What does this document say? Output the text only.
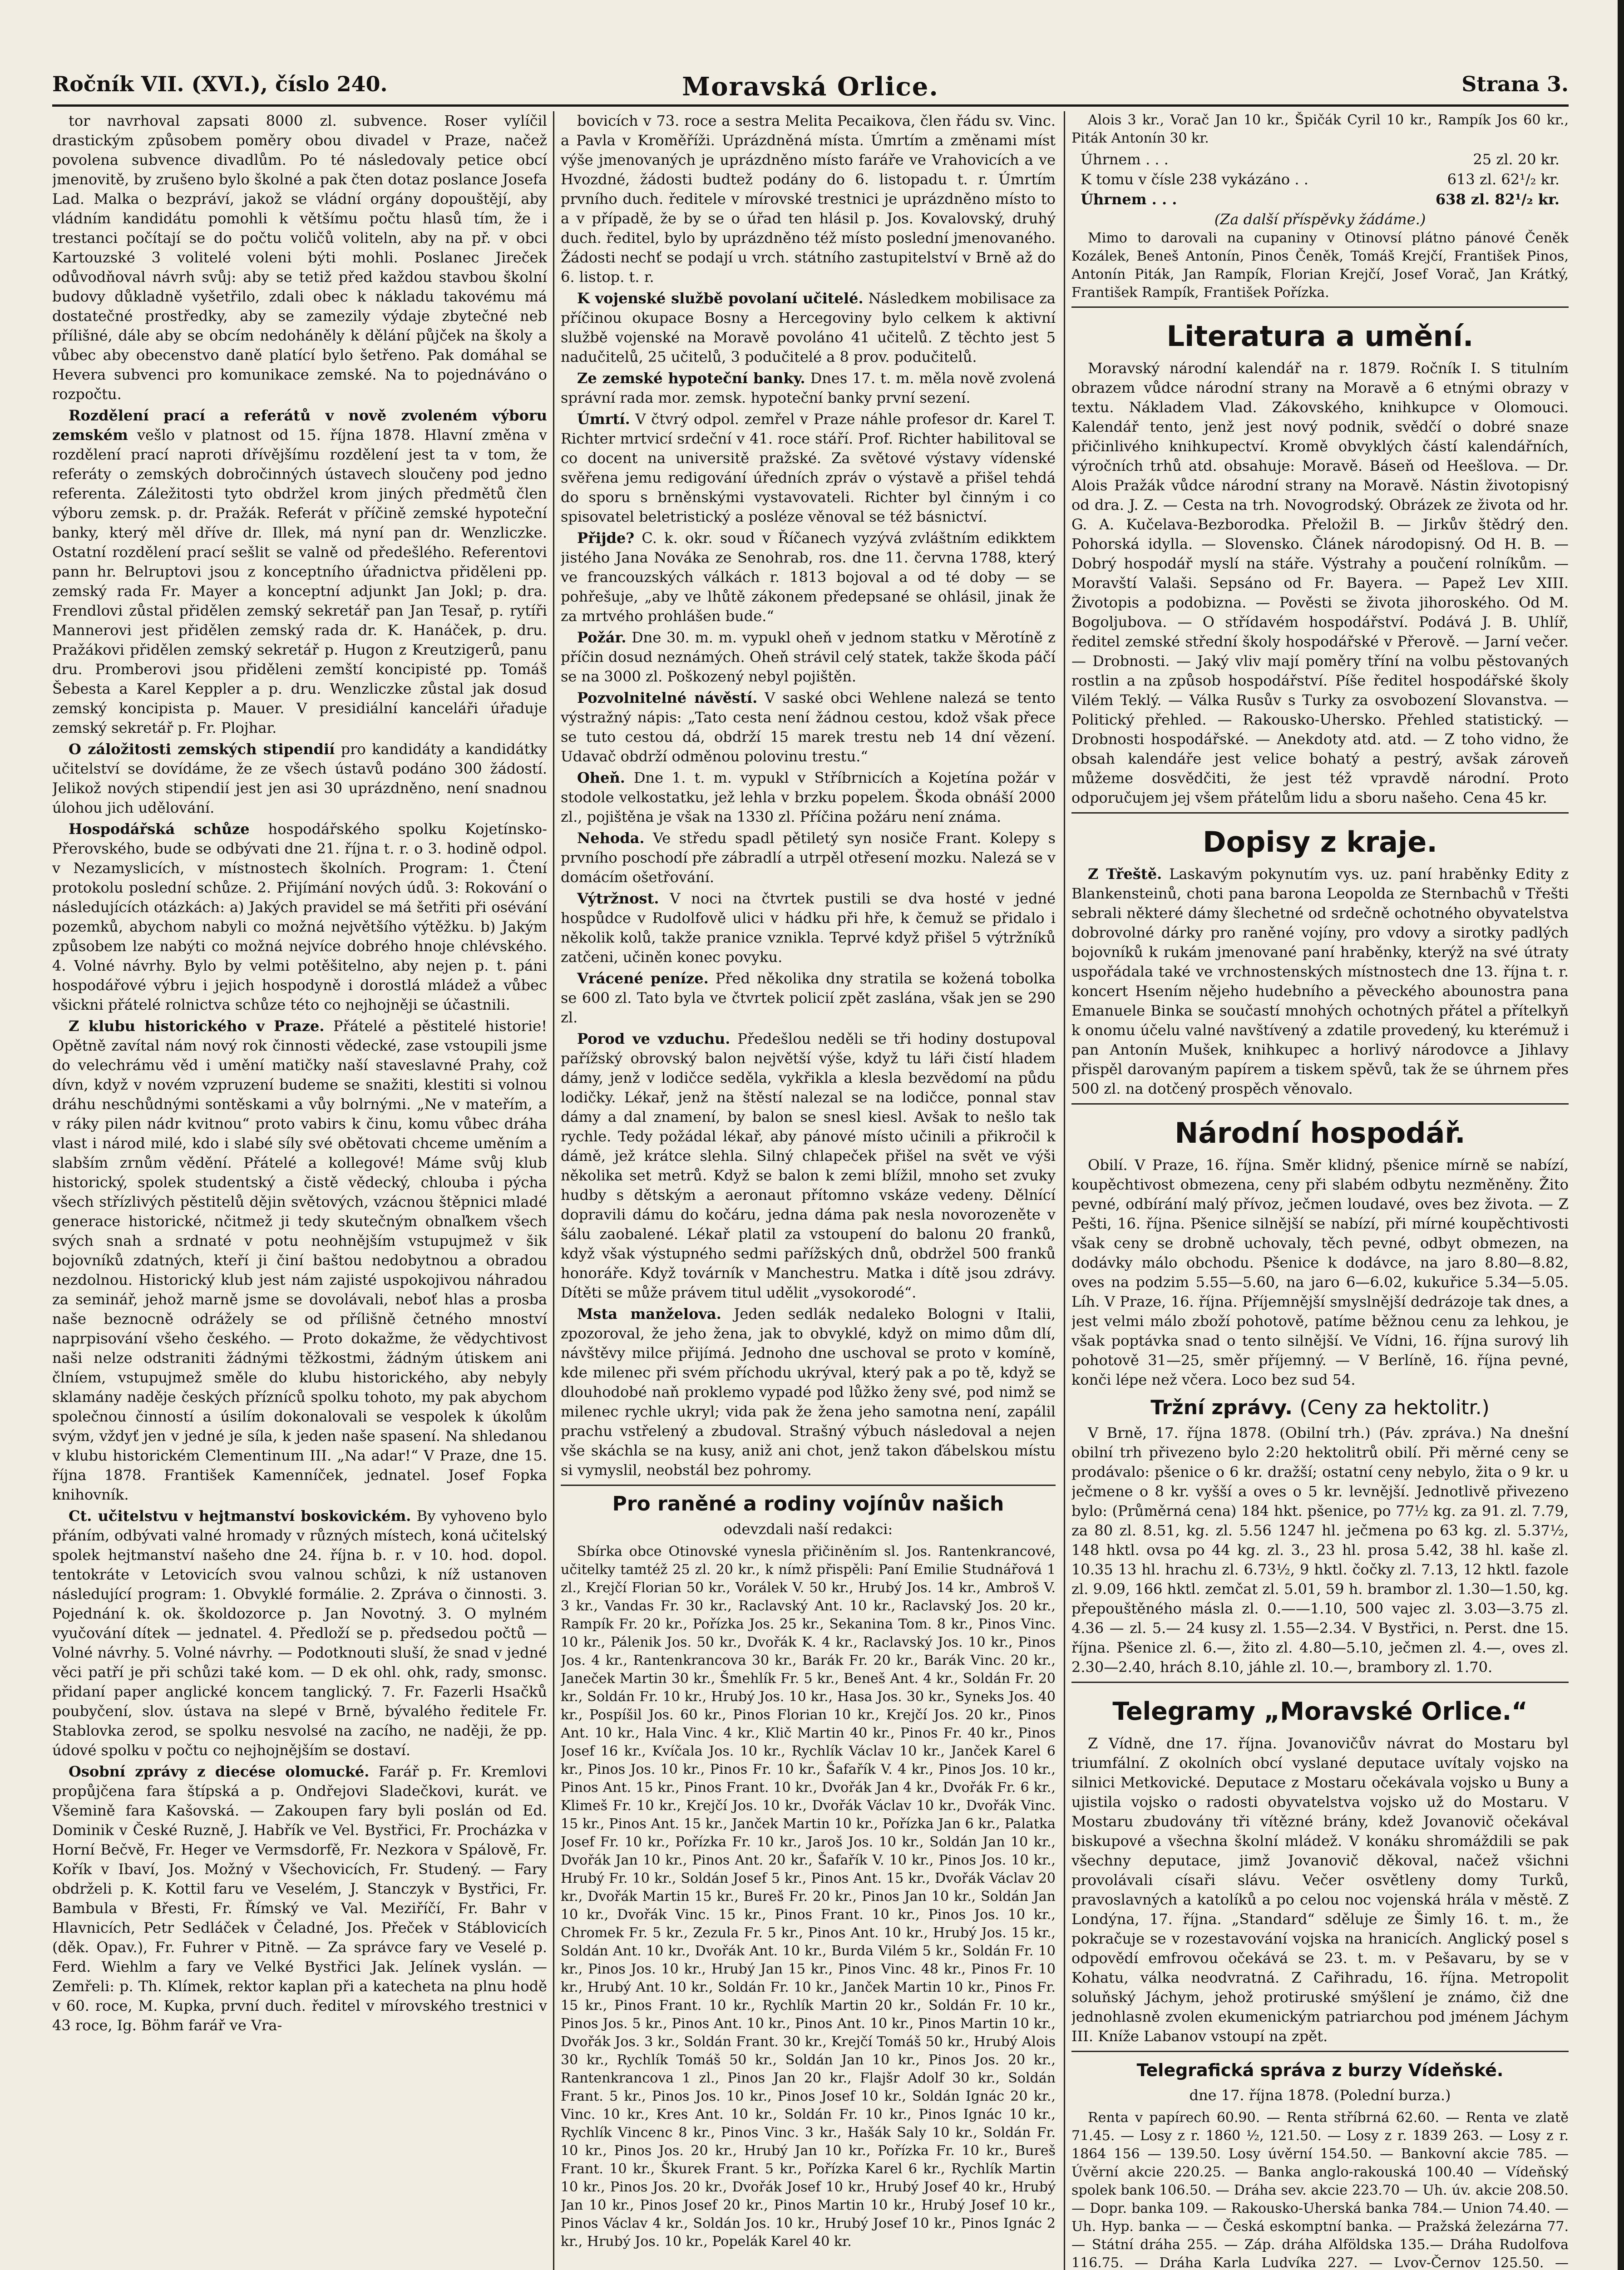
Ročník VII. (XVI.), číslo 240.	Moravská Orlice.	Strana 3.

tor navrhoval zapsati 8000 zl. subvence. Roser vylíčil drastickým způsobem poměry obou divadel v Praze, načež povolena subvence divadlům. Po té následovaly petice obcí jmenovitě, by zrušeno bylo školné a pak čten dotaz poslance Josefa Lad. Malka o bezpráví, jakož se vládní orgány dopouštějí, aby vládním kandidátu pomohli k většímu počtu hlasů tím, že i trestanci počítají se do počtu voličů voliteln, aby na př. v obci Kartouzské 3 volitelé voleni býti mohli. Poslanec Jireček odůvodňoval návrh svůj: aby se tetiž před každou stavbou školní budovy důkladně vyšetřilo, zdali obec k nákladu takovému má dostatečné prostředky, aby se zamezily výdaje zbytečné neb přílišné, dále aby se obcím nedoháněly k dělání půjček na školy a vůbec aby obecenstvo daně platící bylo šetřeno. Pak domáhal se Hevera subvenci pro komunikace zemské. Na to pojednáváno o rozpočtu.

Rozdělení prací a referátů v nově zvoleném výboru zemském vešlo v platnost od 15. října 1878. Hlavní změna v rozdělení prací naproti dřívějšímu rozdělení jest ta v tom, že referáty o zemských dobročinných ústavech sloučeny pod jedno referenta. Záležitosti tyto obdržel krom jiných předmětů člen výboru zemsk. p. dr. Pražák. Referát v příčině zemské hypoteční banky, který měl dříve dr. Illek, má nyní pan dr. Wenzliczke. Ostatní rozdělení prací sešlit se valně od předešlého. Referentovi pann hr. Belruptovi jsou z konceptního úřadnictva přiděleni pp. zemský rada Fr. Mayer a konceptní adjunkt Jan Jokl; p. dra. Frendlovi zůstal přidělen zemský sekretář pan Jan Tesař, p. rytíři Mannerovi jest přidělen zemský rada dr. K. Hanáček, p. dru. Pražákovi přidělen zemský sekretář p. Hugon z Kreutzigerů, panu dru. Promberovi jsou přiděleni zemští koncipisté pp. Tomáš Šebesta a Karel Keppler a p. dru. Wenzliczke zůstal jak dosud zemský koncipista p. Mauer. V presidiální kanceláři úřaduje zemský sekretář p. Fr. Plojhar.

O záložitosti zemských stipendií pro kandidáty a kandidátky učitelství se dovídáme, že ze všech ústavů podáno 300 žádostí. Jelikož nových stipendií jest jen asi 30 uprázdněno, není snadnou úlohou jich udělování.

Hospodářská schůze hospodářského spolku Kojetínsko-Přerovského, bude se odbývati dne 21. října t. r. o 3. hodině odpol. v Nezamyslicích, v místnostech školních. Program: 1. Čtení protokolu poslední schůze. 2. Přijímání nových údů. 3: Rokování o následujících otázkách: a) Jakých pravidel se má šetřiti při osévání pozemků, abychom nabyli co možná největšího výtěžku. b) Jakým způsobem lze nabýti co možná nejvíce dobrého hnoje chlévského. 4. Volné návrhy. Bylo by velmi potěšitelno, aby nejen p. t. páni hospodářové výbru i jejich hospodyně i dorostlá mládež a vůbec všickni přátelé rolnictva schůze této co nejhojněji se účastnili.

Z klubu historického v Praze. Přátelé a pěstitelé historie! Opětně zavítal nám nový rok činnosti vědecké, zase vstoupili jsme do velechrámu věd i umění matičky naší staveslavné Prahy, což dívn, když v novém vzpruzení budeme se snažiti, klestiti si volnou dráhu neschůdnými sontěskami a vůy bolrnými. „Ne v mateřím, a v ráky pilen nádr kvitnou“ proto vabirs k činu, komu vůbec dráha vlast i národ milé, kdo i slabé síly své obětovati chceme uměním a slabším zrnům vědění. Přátelé a kollegové! Máme svůj klub historický, spolek studentský a čistě vědecký, chlouba i pýcha všech střízlivých pěstitelů dějin světových, vzácnou štěpnici mladé generace historické, nčitmež ji tedy skutečným obnaľkem všech svých snah a srdnaté v potu neohnějším vstupujmež v šik bojovníků zdatných, kteří ji činí baštou nedobytnou a obradou nezdolnou. Historický klub jest nám zajisté uspokojivou náhradou za seminář, jehož marně jsme se dovolávali, neboť hlas a prosba naše beznocně odrážely se od přílišně četného mnoství naprpisování všeho českého. — Proto dokažme, že vědychtivost naši nelze odstraniti žádnými těžkostmi, žádným útiskem ani člníem, vstupujmež směle do klubu historického, aby nebyly sklamány naděje českých přízníců spolku tohoto, my pak abychom společnou činností a úsilím dokonalovali se vespolek k úkolům svým, vždyť jen v jedné je síla, k jeden naše spasení. Na shledanou v klubu historickém Clementinum III. „Na adar!“ V Praze, dne 15. října 1878. František Kamenníček, jednatel. Josef Fopka knihovník.

Ct. učitelstvu v hejtmanství boskovickém. By vyhoveno bylo přáním, odbývati valné hromady v různých místech, koná učitelský spolek hejtmanství našeho dne 24. října b. r. v 10. hod. dopol. tentokráte v Letovicích svou valnou schůzi, k níž ustanoven následující program: 1. Obvyklé formálie. 2. Zpráva o činnosti. 3. Pojednání k. ok. školdozorce p. Jan Novotný. 3. O mylném vyučování dítek — jednatel. 4. Předloží se p. předsedou počtů — Volné návrhy. 5. Volné návrhy. — Podotknouti sluší, že snad v jedné věci patří je při schůzi také kom. — D ek ohl. ohk, rady, smonsc. přidaní paper anglické koncem tanglický. 7. Fr. Fazerli Hsačků poubyčení, slov. ústava na slepé v Brně, bývalého ředitele Fr. Stablovka zerod, se spolku nesvolsé na zacího, ne naději, že pp. údové spolku v počtu co nejhojnějším se dostaví.

Osobní zprávy z diecése olomucké. Farář p. Fr. Kremlovi propůjčena fara štípská a p. Ondřejovi Sladečkovi, kurát. ve Všemině fara Kašovská. — Zakoupen fary byli poslán od Ed. Dominik v České Ruzně, J. Habřík ve Vel. Bystřici, Fr. Procházka v Horní Bečvě, Fr. Heger ve Vermsdorfě, Fr. Nezkora v Spálově, Fr. Kořík v Ibaví, Jos. Možný v Všechovicích, Fr. Studený. — Fary obdrželi p. K. Kottil faru ve Veselém, J. Stanczyk v Bystřici, Fr. Bambula v Břesti, Fr. Římský ve Val. Meziříčí, Fr. Bahr v Hlavnicích, Petr Sedláček v Čeladné, Jos. Přeček v Stáblovicích (děk. Opav.), Fr. Fuhrer v Pitně. — Za správce fary ve Veselé p. Ferd. Wiehlm a fary ve Velké Bystřici Jak. Jelínek vyslán. — Zemřeli: p. Th. Klímek, rektor kaplan při a katecheta na plnu hodě v 60. roce, M. Kupka, první duch. ředitel v mírovského trestnici v 43 roce, Ig. Böhm farář ve Vra-

bovicích v 73. roce a sestra Melita Pecaikova, člen řádu sv. Vinc. a Pavla v Kroměříži. Uprázdněná místa. Úmrtím a změnami míst výše jmenovaných je uprázdněno místo faráře ve Vrahovicích a ve Hvozdné, žádosti budtež podány do 6. listopadu t. r. Úmrtím prvního duch. ředitele v mírovské trestnici je uprázdněno místo to a v případě, že by se o úřad ten hlásil p. Jos. Kovalovský, druhý duch. ředitel, bylo by uprázdněno též místo poslední jmenovaného. Žádosti nechť se podají u vrch. státního zastupitelství v Brně až do 6. listop. t. r.

K vojenské službě povolaní učitelé. Následkem mobilisace za příčinou okupace Bosny a Hercegoviny bylo celkem k aktivní službě vojenské na Moravě povoláno 41 učitelů. Z těchto jest 5 nadučitelů, 25 učitelů, 3 podučitelé a 8 prov. podučitelů.

Ze zemské hypoteční banky. Dnes 17. t. m. měla nově zvolená správní rada mor. zemsk. hypoteční banky první sezení.

Úmrtí. V čtvrý odpol. zemřel v Praze náhle profesor dr. Karel T. Richter mrtvicí srdeční v 41. roce stáří. Prof. Richter habilitoval se co docent na universitě pražské. Za světové výstavy vídenské svěřena jemu redigování úředních zpráv o výstavě a přišel tehdá do sporu s brněnskými vystavovateli. Richter byl činným i co spisovatel beletristický a posléze věnoval se též básnictví.

Přijde? C. k. okr. soud v Říčanech vyzývá zvláštním edikktem jistého Jana Nováka ze Senohrab, ros. dne 11. června 1788, který ve francouzských válkách r. 1813 bojoval a od té doby — se pohřešuje, „aby ve lhůtě zákonem předepsané se ohlásil, jinak že za mrtvého prohlášen bude.“

Požár. Dne 30. m. m. vypukl oheň v jednom statku v Měrotíně z příčin dosud neznámých. Oheň strávil celý statek, takže škoda páčí se na 3000 zl. Poškozený nebyl pojištěn.

Pozvolnitelné návěstí. V saské obci Wehlene nalezá se tento výstražný nápis: „Tato cesta není žádnou cestou, kdož však přece se tuto cestou dá, obdrží 15 marek trestu neb 14 dní vězení. Udavač obdrží odměnou polovinu trestu.“

Oheň. Dne 1. t. m. vypukl v Stříbrnicích a Kojetína požár v stodole velkostatku, jež lehla v brzku popelem. Škoda obnáší 2000 zl., pojištěna je však na 1330 zl. Příčina požáru není známa.

Nehoda. Ve středu spadl pětiletý syn nosiče Frant. Kolepy s prvního poschodí pře zábradlí a utrpěl otřesení mozku. Nalezá se v domácím ošetřování.

Výtržnost. V noci na čtvrtek pustili se dva hosté v jedné hospůdce v Rudolfově ulici v hádku při hře, k čemuž se přidalo i několik kolů, takže pranice vznikla. Teprvé když přišel 5 výtržníků zatčeni, učiněn konec povyku.

Vrácené peníze. Před několika dny stratila se kožená tobolka se 600 zl. Tato byla ve čtvrtek policií zpět zaslána, však jen se 290 zl.

Porod ve vzduchu. Předešlou neděli se tři hodiny dostupoval pařížský obrovský balon největší výše, když tu láři čistí hladem dámy, jenž v lodičce seděla, vykřikla a klesla bezvědomí na půdu lodičky. Lékař, jenž na štěstí nalezal se na lodičce, ponnal stav dámy a dal znamení, by balon se snesl kiesl. Avšak to nešlo tak rychle. Tedy požádal lékař, aby pánové místo učinili a přikročil k dámě, jež krátce slehla. Silný chlapeček přišel na svět ve výši několika set metrů. Když se balon k zemi blížil, mnoho set zvuky hudby s dětským a aeronaut přítomno vskáze vedeny. Dělnící dopravili dámu do kočáru, jedna dáma pak nesla novorozeněte v šálu zaobalené. Lékař platil za vstoupení do balonu 20 franků, když však výstupného sedmi pařížských dnů, obdržel 500 franků honoráře. Když továrník v Manchestru. Matka i dítě jsou zdrávy. Dítěti se může právem titul udělit „vysokorodé“.

Msta manželova. Jeden sedlák nedaleko Bologni v Italii, zpozoroval, že jeho žena, jak to obvyklé, když on mimo dům dlí, návštěvy milce přijímá. Jednoho dne uschoval se proto v komíně, kde milenec při svém příchodu ukrýval, který pak a po tě, když se dlouhodobé naň proklemo vypadé pod lůžko ženy své, pod nimž se milenec rychle ukryl; vida pak že žena jeho samotna není, zapálil prachu vstřelený a zbudoval. Strašný výbuch následoval a nejen vše skáchla se na kusy, aniž ani chot, jenž takon ďábelskou místu si vymyslil, neobstál bez pohromy.

Pro raněné a rodiny vojínův našich
odevzdali naší redakci:

Sbírka obce Otinovské vynesla přičiněním sl. Jos. Rantenkrancové, učitelky tamtéž 25 zl. 20 kr., k nímž přispěli: Paní Emilie Studnářová 1 zl., Krejčí Florian 50 kr., Vorálek V. 50 kr., Hrubý Jos. 14 kr., Ambroš V. 3 kr., Vandas Fr. 30 kr., Raclavský Ant. 10 kr., Raclavský Jos. 20 kr., Rampík Fr. 20 kr., Pořízka Jos. 25 kr., Sekanina Tom. 8 kr., Pinos Vinc. 10 kr., Pálenik Jos. 50 kr., Dvořák K. 4 kr., Raclavský Jos. 10 kr., Pinos Jos. 4 kr., Rantenkrancova 30 kr., Barák Fr. 20 kr., Barák Vinc. 20 kr., Janeček Martin 30 kr., Šmehlík Fr. 5 kr., Beneš Ant. 4 kr., Soldán Fr. 20 kr., Soldán Fr. 10 kr., Hrubý Jos. 10 kr., Hasa Jos. 30 kr., Syneks Jos. 40 kr., Pospíšil Jos. 60 kr., Pinos Florian 10 kr., Krejčí Jos. 20 kr., Pinos Ant. 10 kr., Hala Vinc. 4 kr., Klič Martin 40 kr., Pinos Fr. 40 kr., Pinos Josef 16 kr., Kvíčala Jos. 10 kr., Rychlík Václav 10 kr., Janček Karel 6 kr., Pinos Jos. 10 kr., Pinos Fr. 10 kr., Šafařík V. 4 kr., Pinos Jos. 10 kr., Pinos Ant. 15 kr., Pinos Frant. 10 kr., Dvořák Jan 4 kr., Dvořák Fr. 6 kr., Klimeš Fr. 10 kr., Krejčí Jos. 10 kr., Dvořák Václav 10 kr., Dvořák Vinc. 15 kr., Pinos Ant. 15 kr., Janček Martin 10 kr., Pořízka Jan 6 kr., Palatka Josef Fr. 10 kr., Pořízka Fr. 10 kr., Jaroš Jos. 10 kr., Soldán Jan 10 kr., Dvořák Jan 10 kr., Pinos Ant. 20 kr., Šafařík V. 10 kr., Pinos Jos. 10 kr., Hrubý Fr. 10 kr., Soldán Josef 5 kr., Pinos Ant. 15 kr., Dvořák Václav 20 kr., Dvořák Martin 15 kr., Bureš Fr. 20 kr., Pinos Jan 10 kr., Soldán Jan 10 kr., Dvořák Vinc. 15 kr., Pinos Frant. 10 kr., Pinos Jos. 10 kr., Chromek Fr. 5 kr., Zezula Fr. 5 kr., Pinos Ant. 10 kr., Hrubý Jos. 15 kr., Soldán Ant. 10 kr., Dvořák Ant. 10 kr., Burda Vilém 5 kr., Soldán Fr. 10 kr., Pinos Jos. 10 kr., Hrubý Jan 15 kr., Pinos Vinc. 48 kr., Pinos Fr. 10 kr., Hrubý Ant. 10 kr., Soldán Fr. 10 kr., Janček Martin 10 kr., Pinos Fr. 15 kr., Pinos Frant. 10 kr., Rychlík Martin 20 kr., Soldán Fr. 10 kr., Pinos Jos. 5 kr., Pinos Ant. 10 kr., Pinos Ant. 10 kr., Pinos Martin 10 kr., Dvořák Jos. 3 kr., Soldán Frant. 30 kr., Krejčí Tomáš 50 kr., Hrubý Alois 30 kr., Rychlík Tomáš 50 kr., Soldán Jan 10 kr., Pinos Jos. 20 kr., Rantenkrancova 1 zl., Pinos Jan 20 kr., Flajšr Adolf 30 kr., Soldán Frant. 5 kr., Pinos Jos. 10 kr., Pinos Josef 10 kr., Soldán Ignác 20 kr., Vinc. 10 kr., Kres Ant. 10 kr., Soldán Fr. 10 kr., Pinos Ignác 10 kr., Rychlík Vincenc 8 kr., Pinos Vinc. 3 kr., Hašák Saly 10 kr., Soldán Fr. 10 kr., Pinos Jos. 20 kr., Hrubý Jan 10 kr., Pořízka Fr. 10 kr., Bureš Frant. 10 kr., Škurek Frant. 5 kr., Pořízka Karel 6 kr., Rychlík Martin 10 kr., Pinos Jos. 20 kr., Dvořák Josef 10 kr., Hrubý Josef 40 kr., Hrubý Jan 10 kr., Pinos Josef 20 kr., Pinos Martin 10 kr., Hrubý Josef 10 kr., Pinos Václav 4 kr., Soldán Jos. 10 kr., Hrubý Josef 10 kr., Pinos Ignác 2 kr., Hrubý Jos. 10 kr., Popelák Karel 40 kr.

Alois 3 kr., Vorač Jan 10 kr., Špičák Cyril 10 kr., Rampík Jos 60 kr., Piták Antonín 30 kr.

Úhrnem . . .	25 zl. 20 kr.
K tomu v čísle 238 vykázáno . .	613 zl. 62¹/₂ kr.
Úhrnem . . .	638 zl. 82¹/₂ kr.
(Za další příspěvky žádáme.)

Mimo to darovali na cupaniny v Otinovsí plátno pánové Čeněk Kozálek, Beneš Antonín, Pinos Čeněk, Tomáš Krejčí, František Pinos, Antonín Piták, Jan Rampík, Florian Krejčí, Josef Vorač, Jan Krátký, František Rampík, František Pořízka.

Literatura a umění.

Moravský národní kalendář na r. 1879. Ročník I. S titulním obrazem vůdce národní strany na Moravě a 6 etnými obrazy v textu. Nákladem Vlad. Zákovského, knihkupce v Olomouci. Kalendář tento, jenž jest nový podnik, svědčí o dobré snaze přičinlivého knihkupectví. Kromě obvyklých částí kalendářních, výročních trhů atd. obsahuje: Moravě. Báseň od Heešlova. — Dr. Alois Pražák vůdce národní strany na Moravě. Nástin životopisný od dra. J. Z. — Cesta na trh. Novogrodský. Obrázek ze života od hr. G. A. Kučelava-Bezborodka. Přeložil B. — Jirkův štědrý den. Pohorská idylla. — Slovensko. Článek národopisný. Od H. B. — Dobrý hospodář myslí na stáře. Výstrahy a poučení rolníkům. — Moravští Valaši. Sepsáno od Fr. Bayera. — Papež Lev XIII. Životopis a podobizna. — Pověsti se života jihoroského. Od M. Bogoljubova. — O střídavém hospodářství. Podává J. B. Uhlíř, ředitel zemské střední školy hospodářské v Přerově. — Jarní večer. — Drobnosti. — Jaký vliv mají poměry tříní na volbu pěstovaných rostlin a na způsob hospodářství. Píše ředitel hospodářské školy Vilém Teklý. — Válka Rusův s Turky za osvobození Slovanstva. — Politický přehled. — Rakousko-Uhersko. Přehled statistický. — Drobnosti hospodářské. — Anekdoty atd. atd. — Z toho vidno, že obsah kalendáře jest velice bohatý a pestrý, avšak zároveň můžeme dosvědčiti, že jest též vpravdě národní. Proto odporučujem jej všem přátelům lidu a sboru našeho. Cena 45 kr.

Dopisy z kraje.

Z Třeště. Laskavým pokynutím vys. uz. paní hraběnky Edity z Blankensteinů, choti pana barona Leopolda ze Sternbachů v Třešti sebrali některé dámy šlechetné od srdečně ochotného obyvatelstva dobrovolné dárky pro raněné vojíny, pro vdovy a sirotky padlých bojovníků k rukám jmenované paní hraběnky, kterýž na své útraty uspořádala také ve vrchnostenských místnostech dne 13. října t. r. koncert Hsením nějeho hudebního a pěveckého abounostra pana Emanuele Binka se součastí mnohých ochotných přátel a přítelkyň k onomu účelu valné navštívený a zdatile provedený, ku kterémuž i pan Antonín Mušek, knihkupec a horlivý národovce a Jihlavy přispěl darovaným papírem a tiskem spěvů, tak že se úhrnem přes 500 zl. na dotčený prospěch věnovalo.

Národní hospodář.

Obilí. V Praze, 16. října. Směr klidný, pšenice mírně se nabízí, koupěchtivost obmezena, ceny při slabém odbytu nezměněny. Žito pevné, odbírání malý přívoz, ječmen loudavé, oves bez života. — Z Pešti, 16. října. Pšenice silnější se nabízí, při mírné koupěchtivosti však ceny se drobně uchovaly, těch pevné, odbyt obmezen, na dodávky málo obchodu. Pšenice k dodávce, na jaro 8.80—8.82, oves na podzim 5.55—5.60, na jaro 6—6.02, kukuřice 5.34—5.05. Líh. V Praze, 16. října. Příjemnější smyslnější dedrázoje tak dnes, a jest velmi málo zboží pohotově, patíme běžnou cenu za lehkou, je však poptávka snad o tento silnější. Ve Vídni, 16. října surový lih pohotově 31—25, směr příjemný. — V Berlíně, 16. října pevné, konči lépe než včera. Loco bez sud 54.

Tržní zprávy. (Ceny za hektolitr.)

V Brně, 17. října 1878. (Obilní trh.) (Páv. zpráva.) Na dnešní obilní trh přivezeno bylo 2:20 hektolitrů obilí. Při měrné ceny se prodávalo: pšenice o 6 kr. dražší; ostatní ceny nebylo, žita o 9 kr. u ječmene o 8 kr. vyšší a oves o 5 kr. levnější. Jednotlivě přivezeno bylo: (Průměrná cena) 184 hkt. pšenice, po 77½ kg. za 91. zl. 7.79, za 80 zl. 8.51, kg. zl. 5.56 1247 hl. ječmena po 63 kg. zl. 5.37½, 148 hktl. ovsa po 44 kg. zl. 3., 23 hl. prosa 5.42, 38 hl. kaše zl. 10.35 13 hl. hrachu zl. 6.73½, 9 hktl. čočky zl. 7.13, 12 hktl. fazole zl. 9.09, 166 hktl. zemčat zl. 5.01, 59 h. brambor zl. 1.30—1.50, kg. přepouštěného másla zl. 0.——1.10, 500 vajec zl. 3.03—3.75 zl. 4.36 — zl. 5.— 24 kusy zl. 1.55—2.34. V Bystřici, n. Perst. dne 15. října. Pšenice zl. 6.—, žito zl. 4.80—5.10, ječmen zl. 4.—, oves zl. 2.30—2.40, hrách 8.10, jáhle zl. 10.—, brambory zl. 1.70.

Telegramy „Moravské Orlice.“

Z Vídně, dne 17. října. Jovanovičův návrat do Mostaru byl triumfální. Z okolních obcí vyslané deputace uvítaly vojsko na silnici Metkovické. Deputace z Mostaru očekávala vojsko u Buny a ujistila vojsko o radosti obyvatelstva vojsko už do Mostaru. V Mostaru zbudovány tři vítězné brány, kdež Jovanovič očekával biskupové a všechna školní mládež. V konáku shromáždili se pak všechny deputace, jimž Jovanovič děkoval, načež všichni provolávali císaři slávu. Večer osvětleny domy Turků, pravoslavných a katolíků a po celou noc vojenská hrála v městě. Z Londýna, 17. října. „Standard“ sděluje ze Šimly 16. t. m., že pokračuje se v rozestavování vojska na hranicích. Anglický posel s odpovědí emfrovou očekává se 23. t. m. v Pešavaru, by se v Kohatu, válka neodvratná. Z Cařihradu, 16. října. Metropolit soluňský Jáchym, jehož protiruské smýšlení je známo, čiž dne jednohlasně zvolen ekumenickým patriarchou pod jménem Jáchym III. Kníže Labanov vstoupí na zpět.

Telegrafická správa z burzy Vídeňské.
dne 17. října 1878. (Polední burza.)

Renta v papírech 60.90. — Renta stříbrná 62.60. — Renta ve zlatě 71.45. — Losy z r. 1860 ½, 121.50. — Losy z r. 1839 263. — Losy z r. 1864 156 — 139.50. Losy úvěrní 154.50. — Bankovní akcie 785. — Úvěrní akcie 220.25. — Banka anglo-rakouská 100.40 — Vídeňský spolek bank 106.50. — Dráha sev. akcie 223.70 — Uh. úv. akcie 208.50. — Dopr. banka 109. — Rakousko-Uherská banka 784.— Union 74.40. — Uh. Hyp. banka — — Česká eskomptní banka. — Pražská železárna 77. — Státní dráha 255. — Záp. dráha Alföldska 135.— Dráha Rudolfova 116.75. — Dráha Karla Ludvíka 227. — Lvov-Černov 125.50. —
